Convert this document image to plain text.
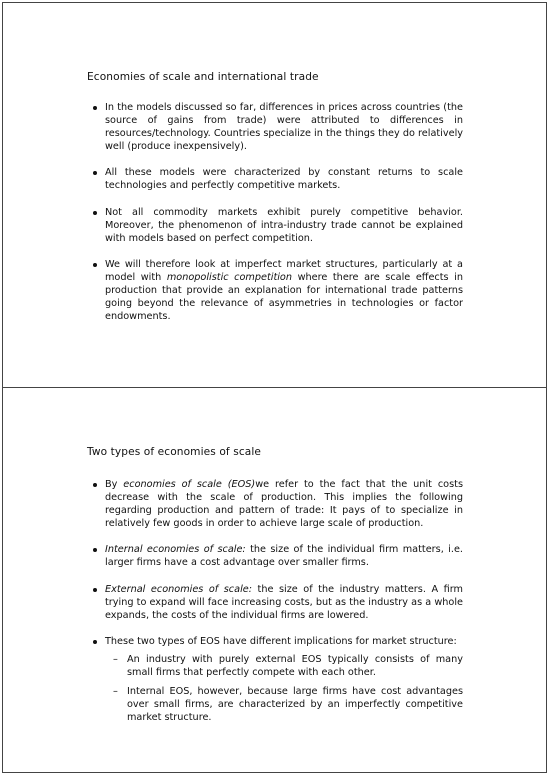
Economies of scale and international trade
In the models discussed so far, differences in prices across countries (the source of gains from trade) were attributed to differences in resources/technology. Countries specialize in the things they do relatively well (produce inexpensively).
All these models were characterized by constant returns to scale technologies and perfectly competitive markets.
Not all commodity markets exhibit purely competitive behavior. Moreover, the phenomenon of intra-industry trade cannot be explained with models based on perfect competition.
We will therefore look at imperfect market structures, particularly at a model with monopolistic competition where there are scale effects in production that provide an explanation for international trade patterns going beyond the relevance of asymmetries in technologies or factor endowments.
Two types of economies of scale
By economies of scale (EOS)we refer to the fact that the unit costs decrease with the scale of production. This implies the following regarding production and pattern of trade: It pays of to specialize in relatively few goods in order to achieve large scale of production.
Internal economies of scale: the size of the individual firm matters, i.e. larger firms have a cost advantage over smaller firms.
External economies of scale: the size of the industry matters. A firm trying to expand will face increasing costs, but as the industry as a whole expands, the costs of the individual firms are lowered.
These two types of EOS have different implications for market structure:
– An industry with purely external EOS typically consists of many small firms that perfectly compete with each other.
– Internal EOS, however, because large firms have cost advantages over small firms, are characterized by an imperfectly competitive market structure.
